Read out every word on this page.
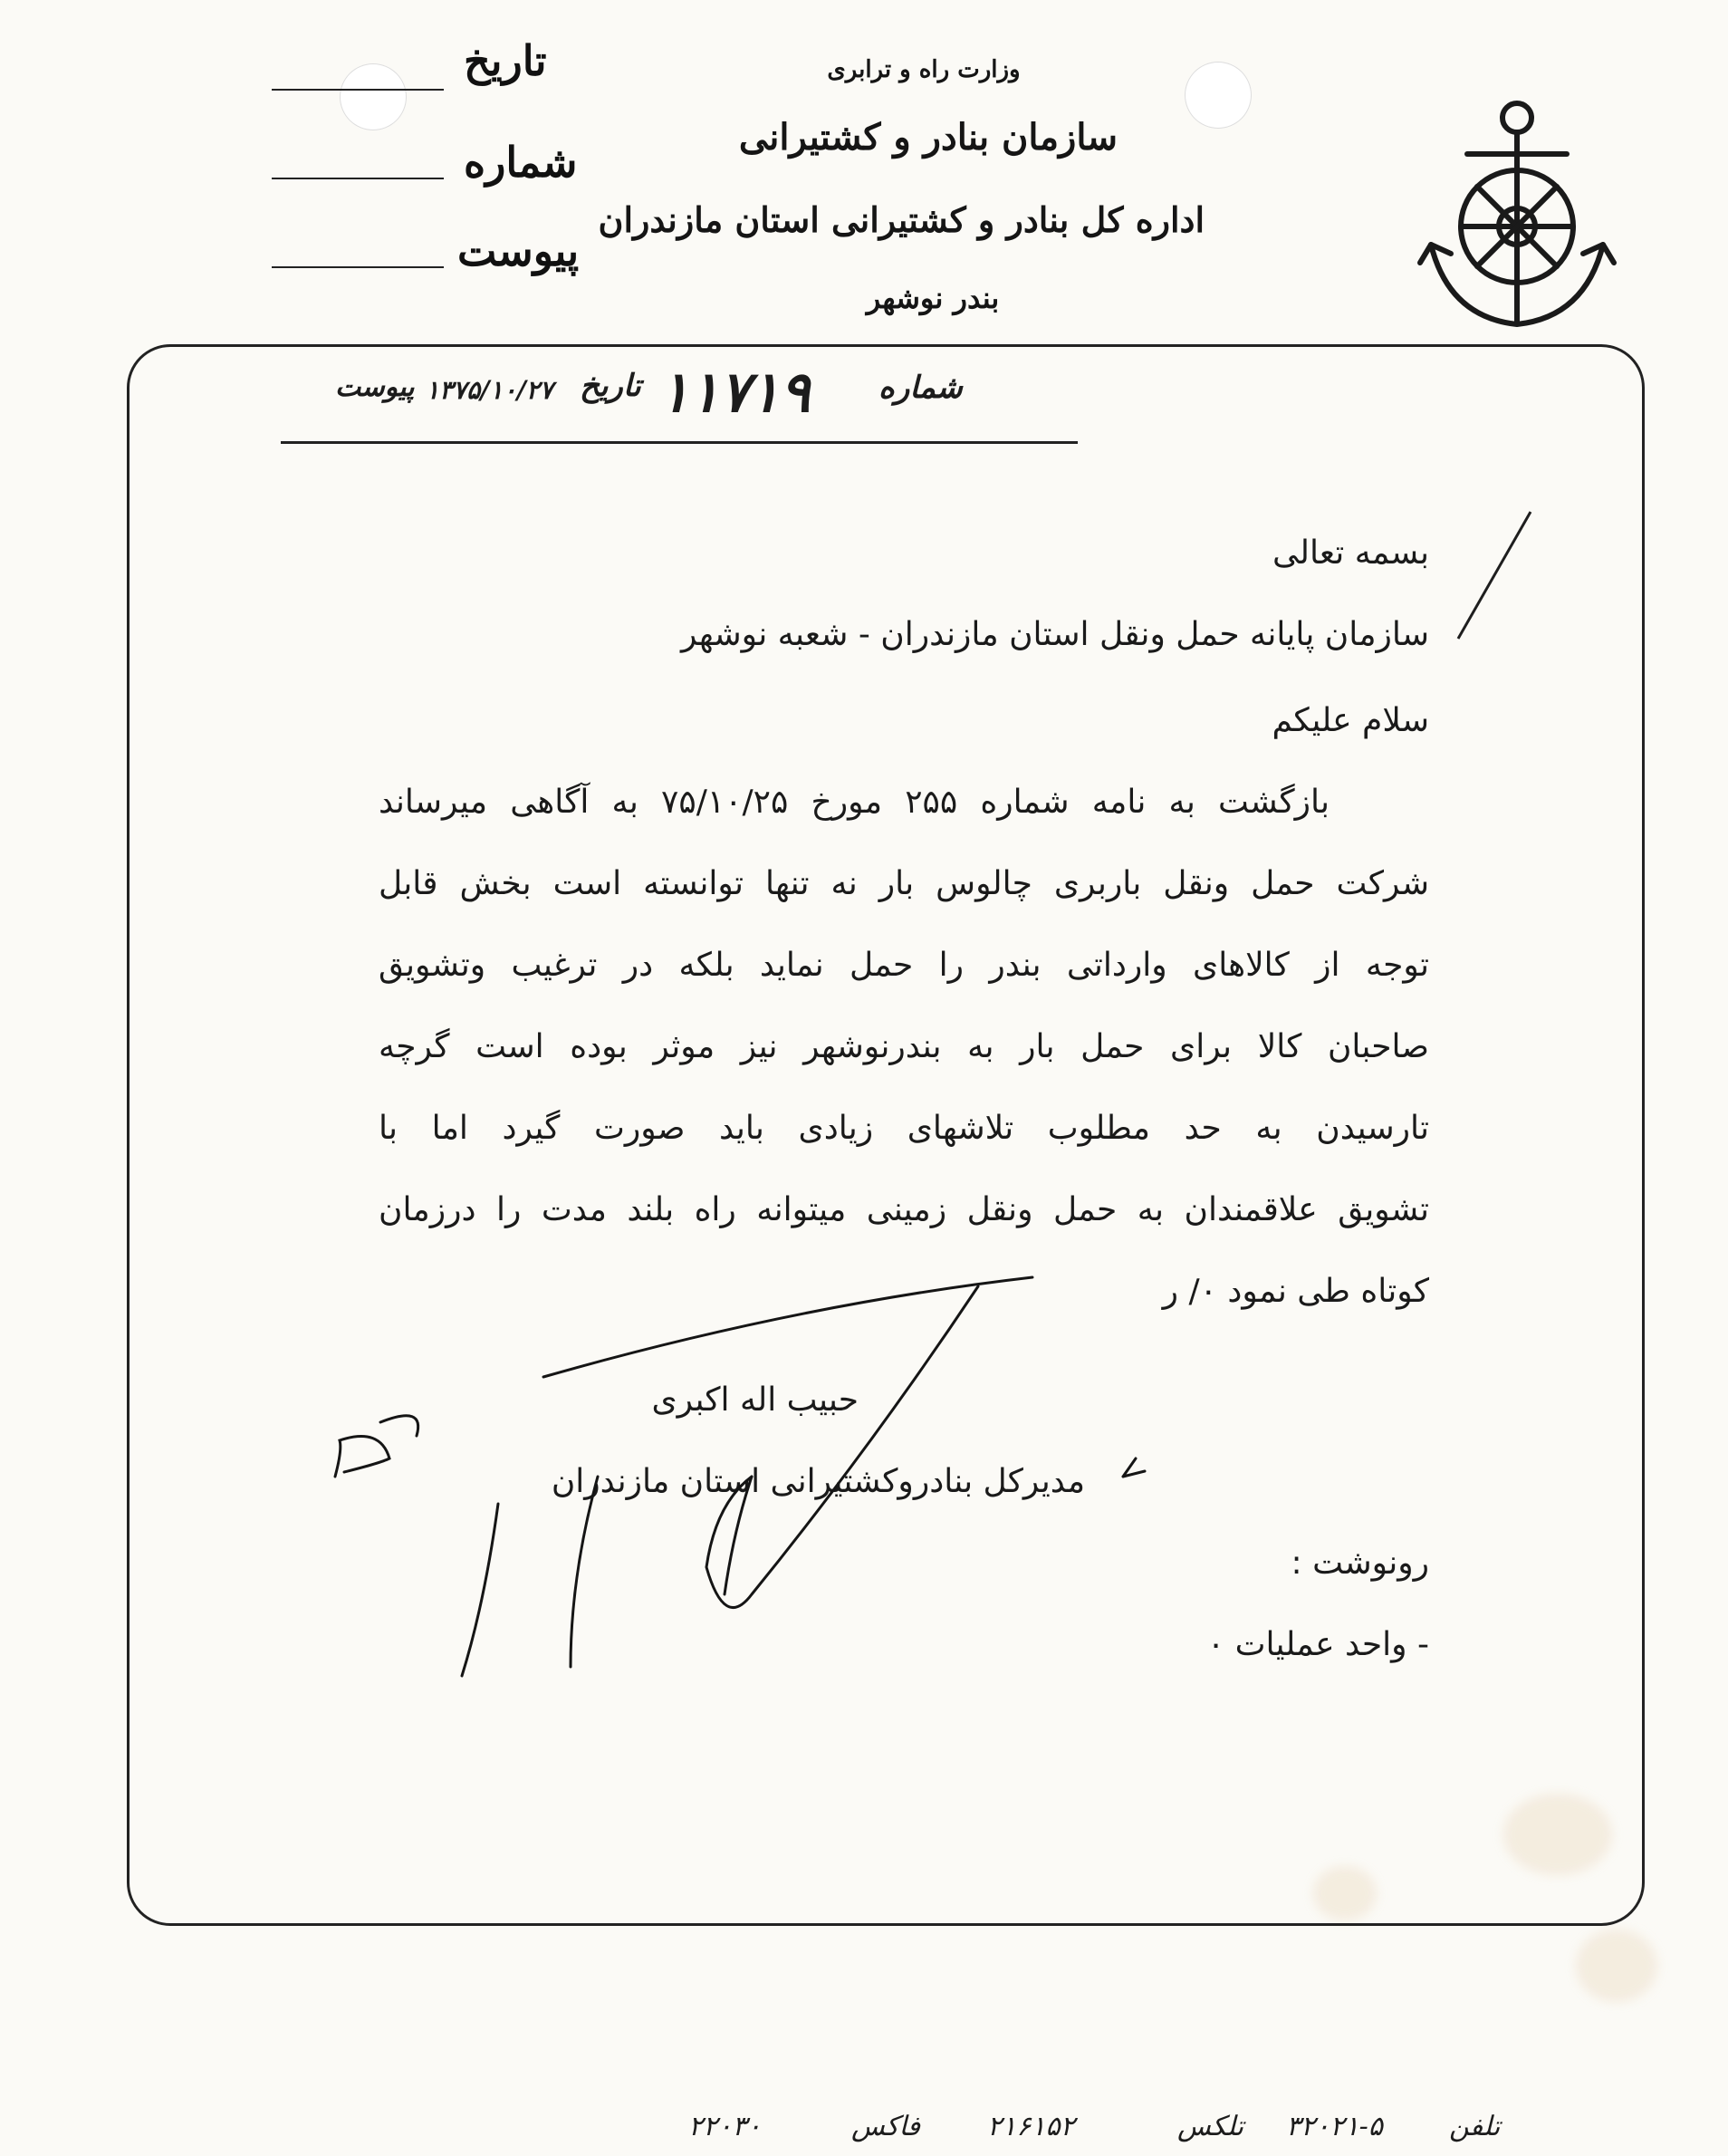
تاریخ
شماره
پیوست
وزارت راه و ترابری
سازمان بنادر و کشتیرانی
اداره کل بنادر و کشتیرانی استان مازندران
بندر نوشهر
پیوست ۱۳۷۵/۱۰/۲۷ تاریخ ۱۱۷۱۹ شماره
بسمه تعالی
سازمان پایانه حمل ونقل استان مازندران - شعبه نوشهر
سلام علیکم
بازگشت به نامه شماره ۲۵۵ مورخ ۷۵/۱۰/۲۵ به آگاهی میرساند
شرکت حمل ونقل باربری چالوس بار نه تنها توانسته است بخش قابل
توجه از کالاهای وارداتی بندر را حمل نماید بلکه در ترغیب وتشویق
صاحبان کالا برای حمل بار به بندرنوشهر نیز موثر بوده است گرچه
تارسیدن به حد مطلوب تلاشهای زیادی باید صورت گیرد اما با
تشویق علاقمندان به حمل ونقل زمینی میتوانه راه بلند مدت را درزمان
کوتاه طی نمود ۰/ ر
حبیب اله اکبری
مدیرکل بنادروکشتیرانی استان مازندران
رونوشت :
- واحد عملیات ۰
۳۲۰۲۱-۵ تلفن
تلکس
۲۱۶۱۵۲
فاکس
۲۲۰۳۰
